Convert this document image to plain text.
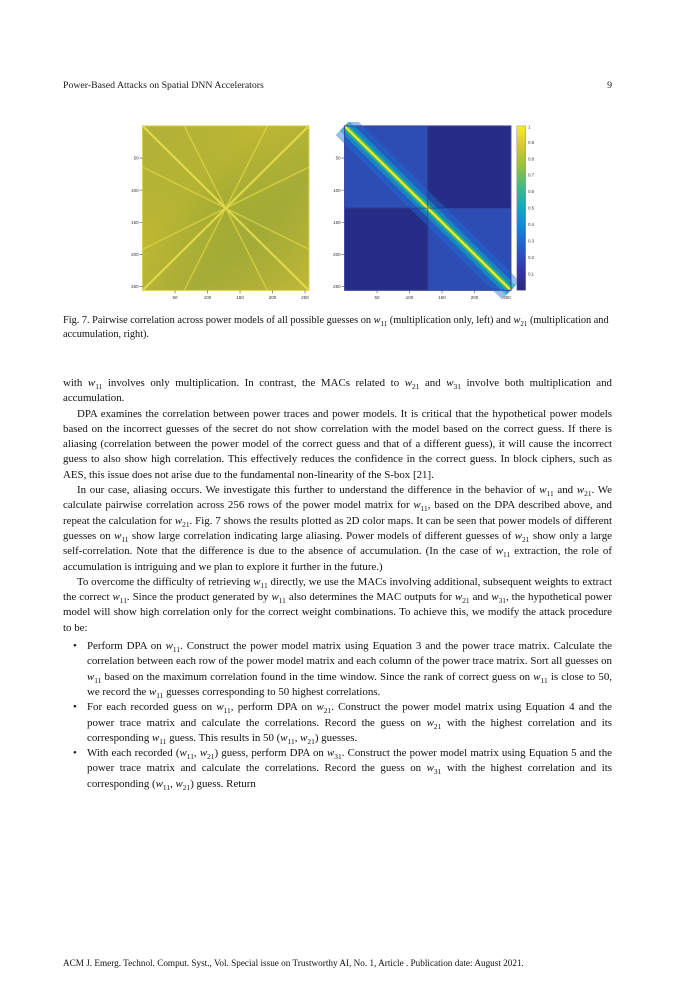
Power-Based Attacks on Spatial DNN Accelerators	9
50
100
150
200
250
50	100	150	200	250
50
100
150
200
250
50	100	150	200	250
1
0.9
0.8
0.7
0.6
0.5
0.4
0.3
0.2
0.1
Fig. 7. Pairwise correlation across power models of all possible guesses on $w_{11}$ (multiplication only, left) and $w_{21}$ (multiplication and accumulation, right).

with $w_{11}$ involves only multiplication. In contrast, the MACs related to $w_{21}$ and $w_{31}$ involve both multiplication and accumulation.

DPA examines the correlation between power traces and power models. It is critical that the hypothetical power models based on the incorrect guesses of the secret do not show correlation with the model based on the correct guess. If there is aliasing (correlation between the power model of the correct guess and that of a different guess), it will cause the incorrect guess to also show high correlation. This effectively reduces the confidence in the correct guess. In block ciphers, such as AES, this issue does not arise due to the fundamental non-linearity of the S-box [21].

In our case, aliasing occurs. We investigate this further to understand the difference in the behavior of $w_{11}$ and $w_{21}$. We calculate pairwise correlation across 256 rows of the power model matrix for $w_{11}$, based on the DPA described above, and repeat the calculation for $w_{21}$. Fig. 7 shows the results plotted as 2D color maps. It can be seen that power models of different guesses on $w_{11}$ show large correlation indicating large aliasing. Power models of different guesses of $w_{21}$ show only a large self-correlation. Note that the difference is due to the absence of accumulation. (In the case of $w_{11}$ extraction, the role of accumulation is intriguing and we plan to explore it further in the future.)

To overcome the difficulty of retrieving $w_{11}$ directly, we use the MACs involving additional, subsequent weights to extract the correct $w_{11}$. Since the product generated by $w_{11}$ also determines the MAC outputs for $w_{21}$ and $w_{31}$, the hypothetical power model will show high correlation only for the correct weight combinations. To achieve this, we modify the attack procedure to be:

• Perform DPA on $w_{11}$. Construct the power model matrix using Equation 3 and the power trace matrix. Calculate the correlation between each row of the power model matrix and each column of the power trace matrix. Sort all guesses on $w_{11}$ based on the maximum correlation found in the time window. Since the rank of correct guess on $w_{11}$ is close to 50, we record the $w_{11}$ guesses corresponding to 50 highest correlations.
• For each recorded guess on $w_{11}$, perform DPA on $w_{21}$. Construct the power model matrix using Equation 4 and the power trace matrix and calculate the correlations. Record the guess on $w_{21}$ with the highest correlation and its corresponding $w_{11}$ guess. This results in 50 ($w_{11}$, $w_{21}$) guesses.
• With each recorded ($w_{11}$, $w_{21}$) guess, perform DPA on $w_{31}$. Construct the power model matrix using Equation 5 and the power trace matrix and calculate the correlations. Record the guess on $w_{31}$ with the highest correlation and its corresponding ($w_{11}$, $w_{21}$) guess. Return
ACM J. Emerg. Technol. Comput. Syst., Vol. Special issue on Trustworthy AI, No. 1, Article . Publication date: August 2021.
